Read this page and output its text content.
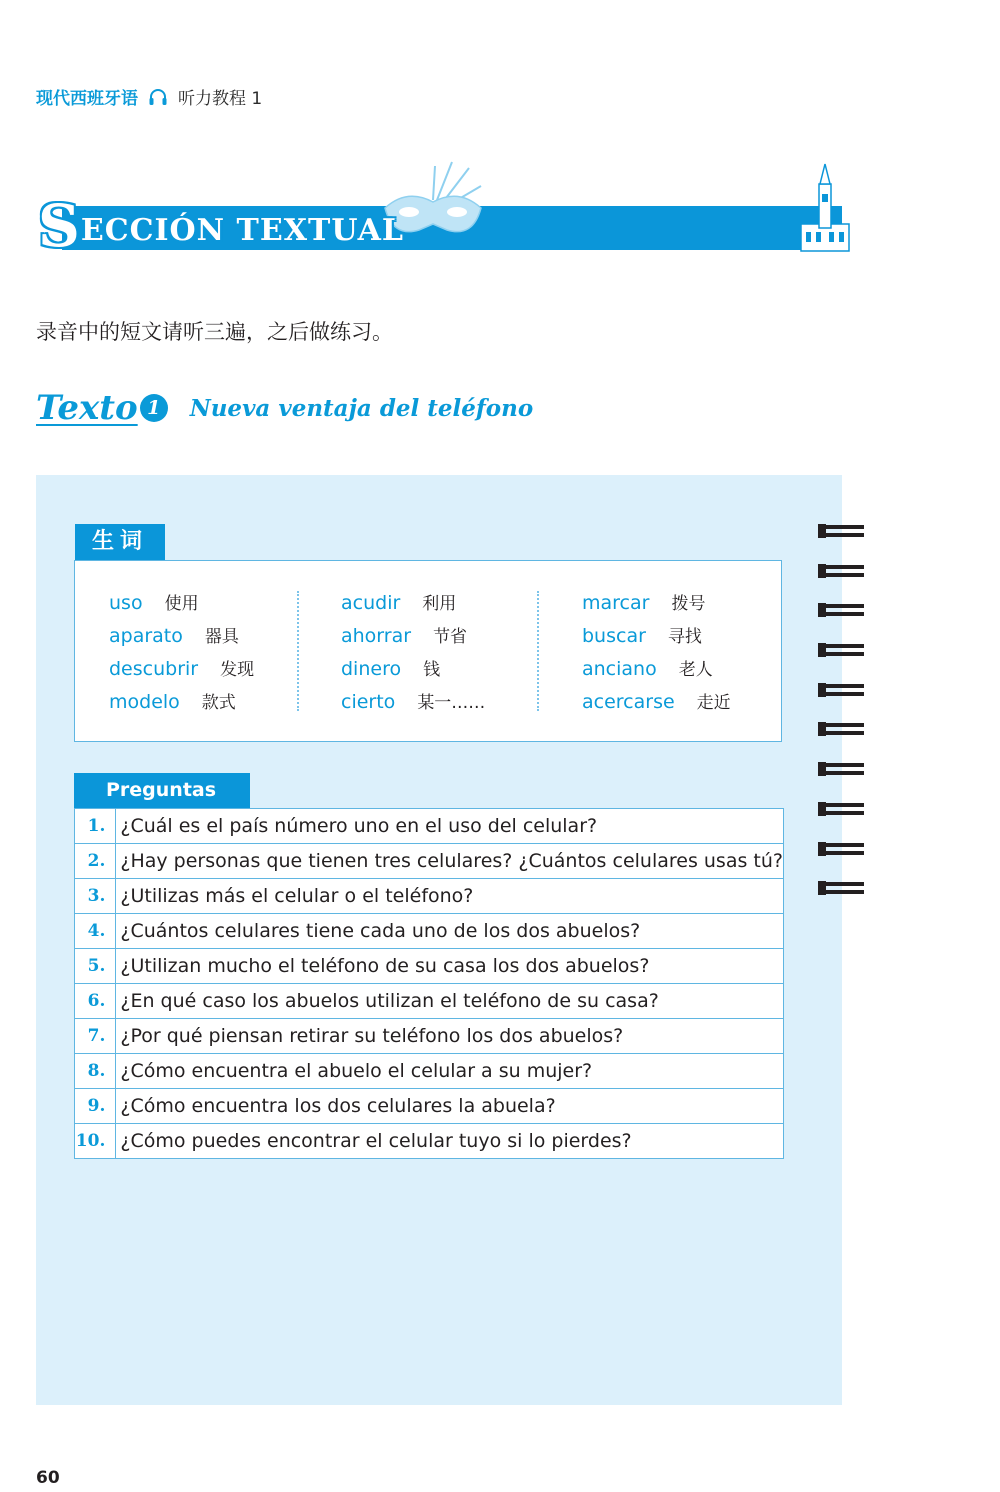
现代西班牙语 听力教程 1
SECCIÓN TEXTUAL
录音中的短文请听三遍，之后做练习。
Texto 1	Nueva ventaja del teléfono
生词
uso 使用
aparato 器具
descubrir 发现
modelo 款式
acudir 利用
ahorrar 节省
dinero 钱
cierto 某一……
marcar 拨号
buscar 寻找
anciano 老人
acercarse 走近
Preguntas
1.	¿Cuál es el país número uno en el uso del celular?
2.	¿Hay personas que tienen tres celulares? ¿Cuántos celulares usas tú?
3.	¿Utilizas más el celular o el teléfono?
4.	¿Cuántos celulares tiene cada uno de los dos abuelos?
5.	¿Utilizan mucho el teléfono de su casa los dos abuelos?
6.	¿En qué caso los abuelos utilizan el teléfono de su casa?
7.	¿Por qué piensan retirar su teléfono los dos abuelos?
8.	¿Cómo encuentra el abuelo el celular a su mujer?
9.	¿Cómo encuentra los dos celulares la abuela?
10.	¿Cómo puedes encontrar el celular tuyo si lo pierdes?
60
